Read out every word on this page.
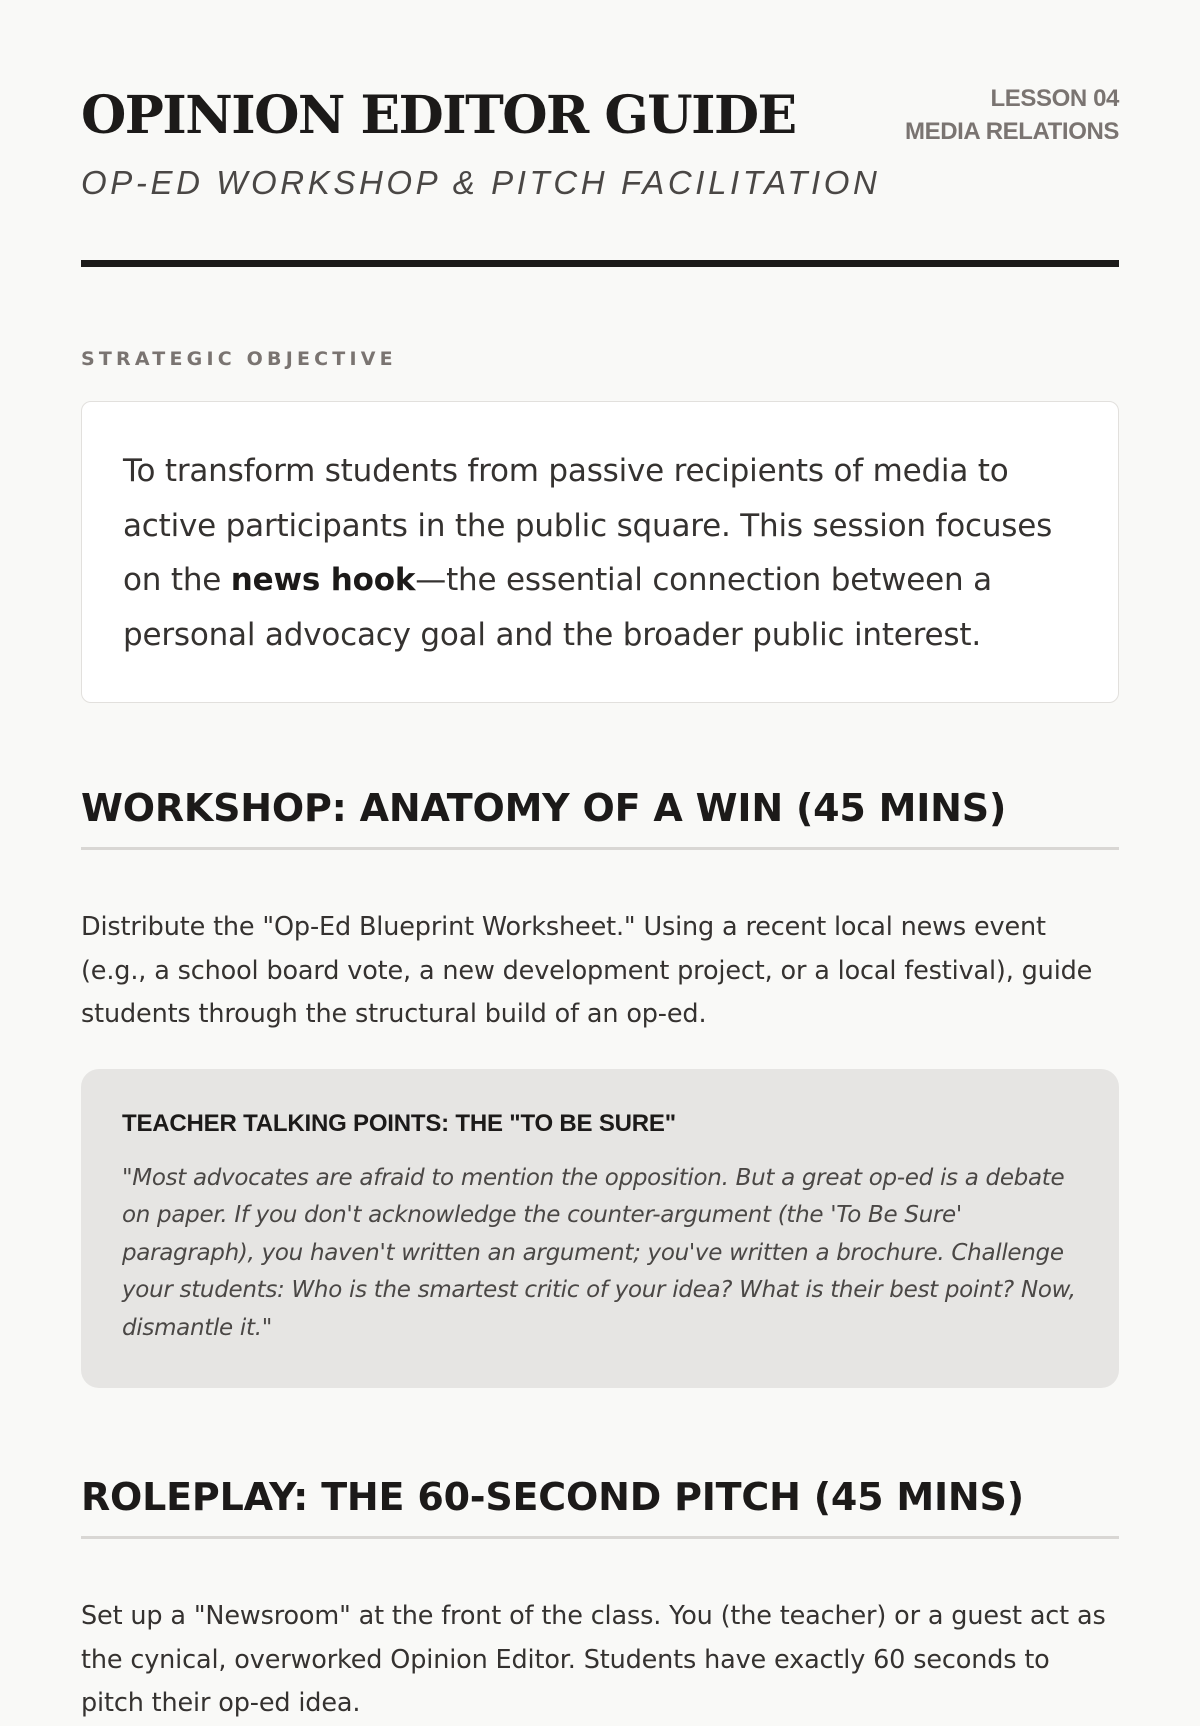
OPINION EDITOR GUIDE

OP-ED WORKSHOP & PITCH FACILITATION

LESSON 04
MEDIA RELATIONS
STRATEGIC OBJECTIVE
To transform students from passive recipients of media to active participants in the public square. This session focuses on the news hook—the essential connection between a personal advocacy goal and the broader public interest.
WORKSHOP: ANATOMY OF A WIN (45 MINS)

Distribute the "Op-Ed Blueprint Worksheet." Using a recent local news event (e.g., a school board vote, a new development project, or a local festival), guide students through the structural build of an op-ed.

TEACHER TALKING POINTS: THE "TO BE SURE"

"Most advocates are afraid to mention the opposition. But a great op-ed is a debate on paper. If you don't acknowledge the counter-argument (the 'To Be Sure' paragraph), you haven't written an argument; you've written a brochure. Challenge your students: Who is the smartest critic of your idea? What is their best point? Now, dismantle it."

ROLEPLAY: THE 60-SECOND PITCH (45 MINS)

Set up a "Newsroom" at the front of the class. You (the teacher) or a guest act as the cynical, overworked Opinion Editor. Students have exactly 60 seconds to pitch their op-ed idea.
